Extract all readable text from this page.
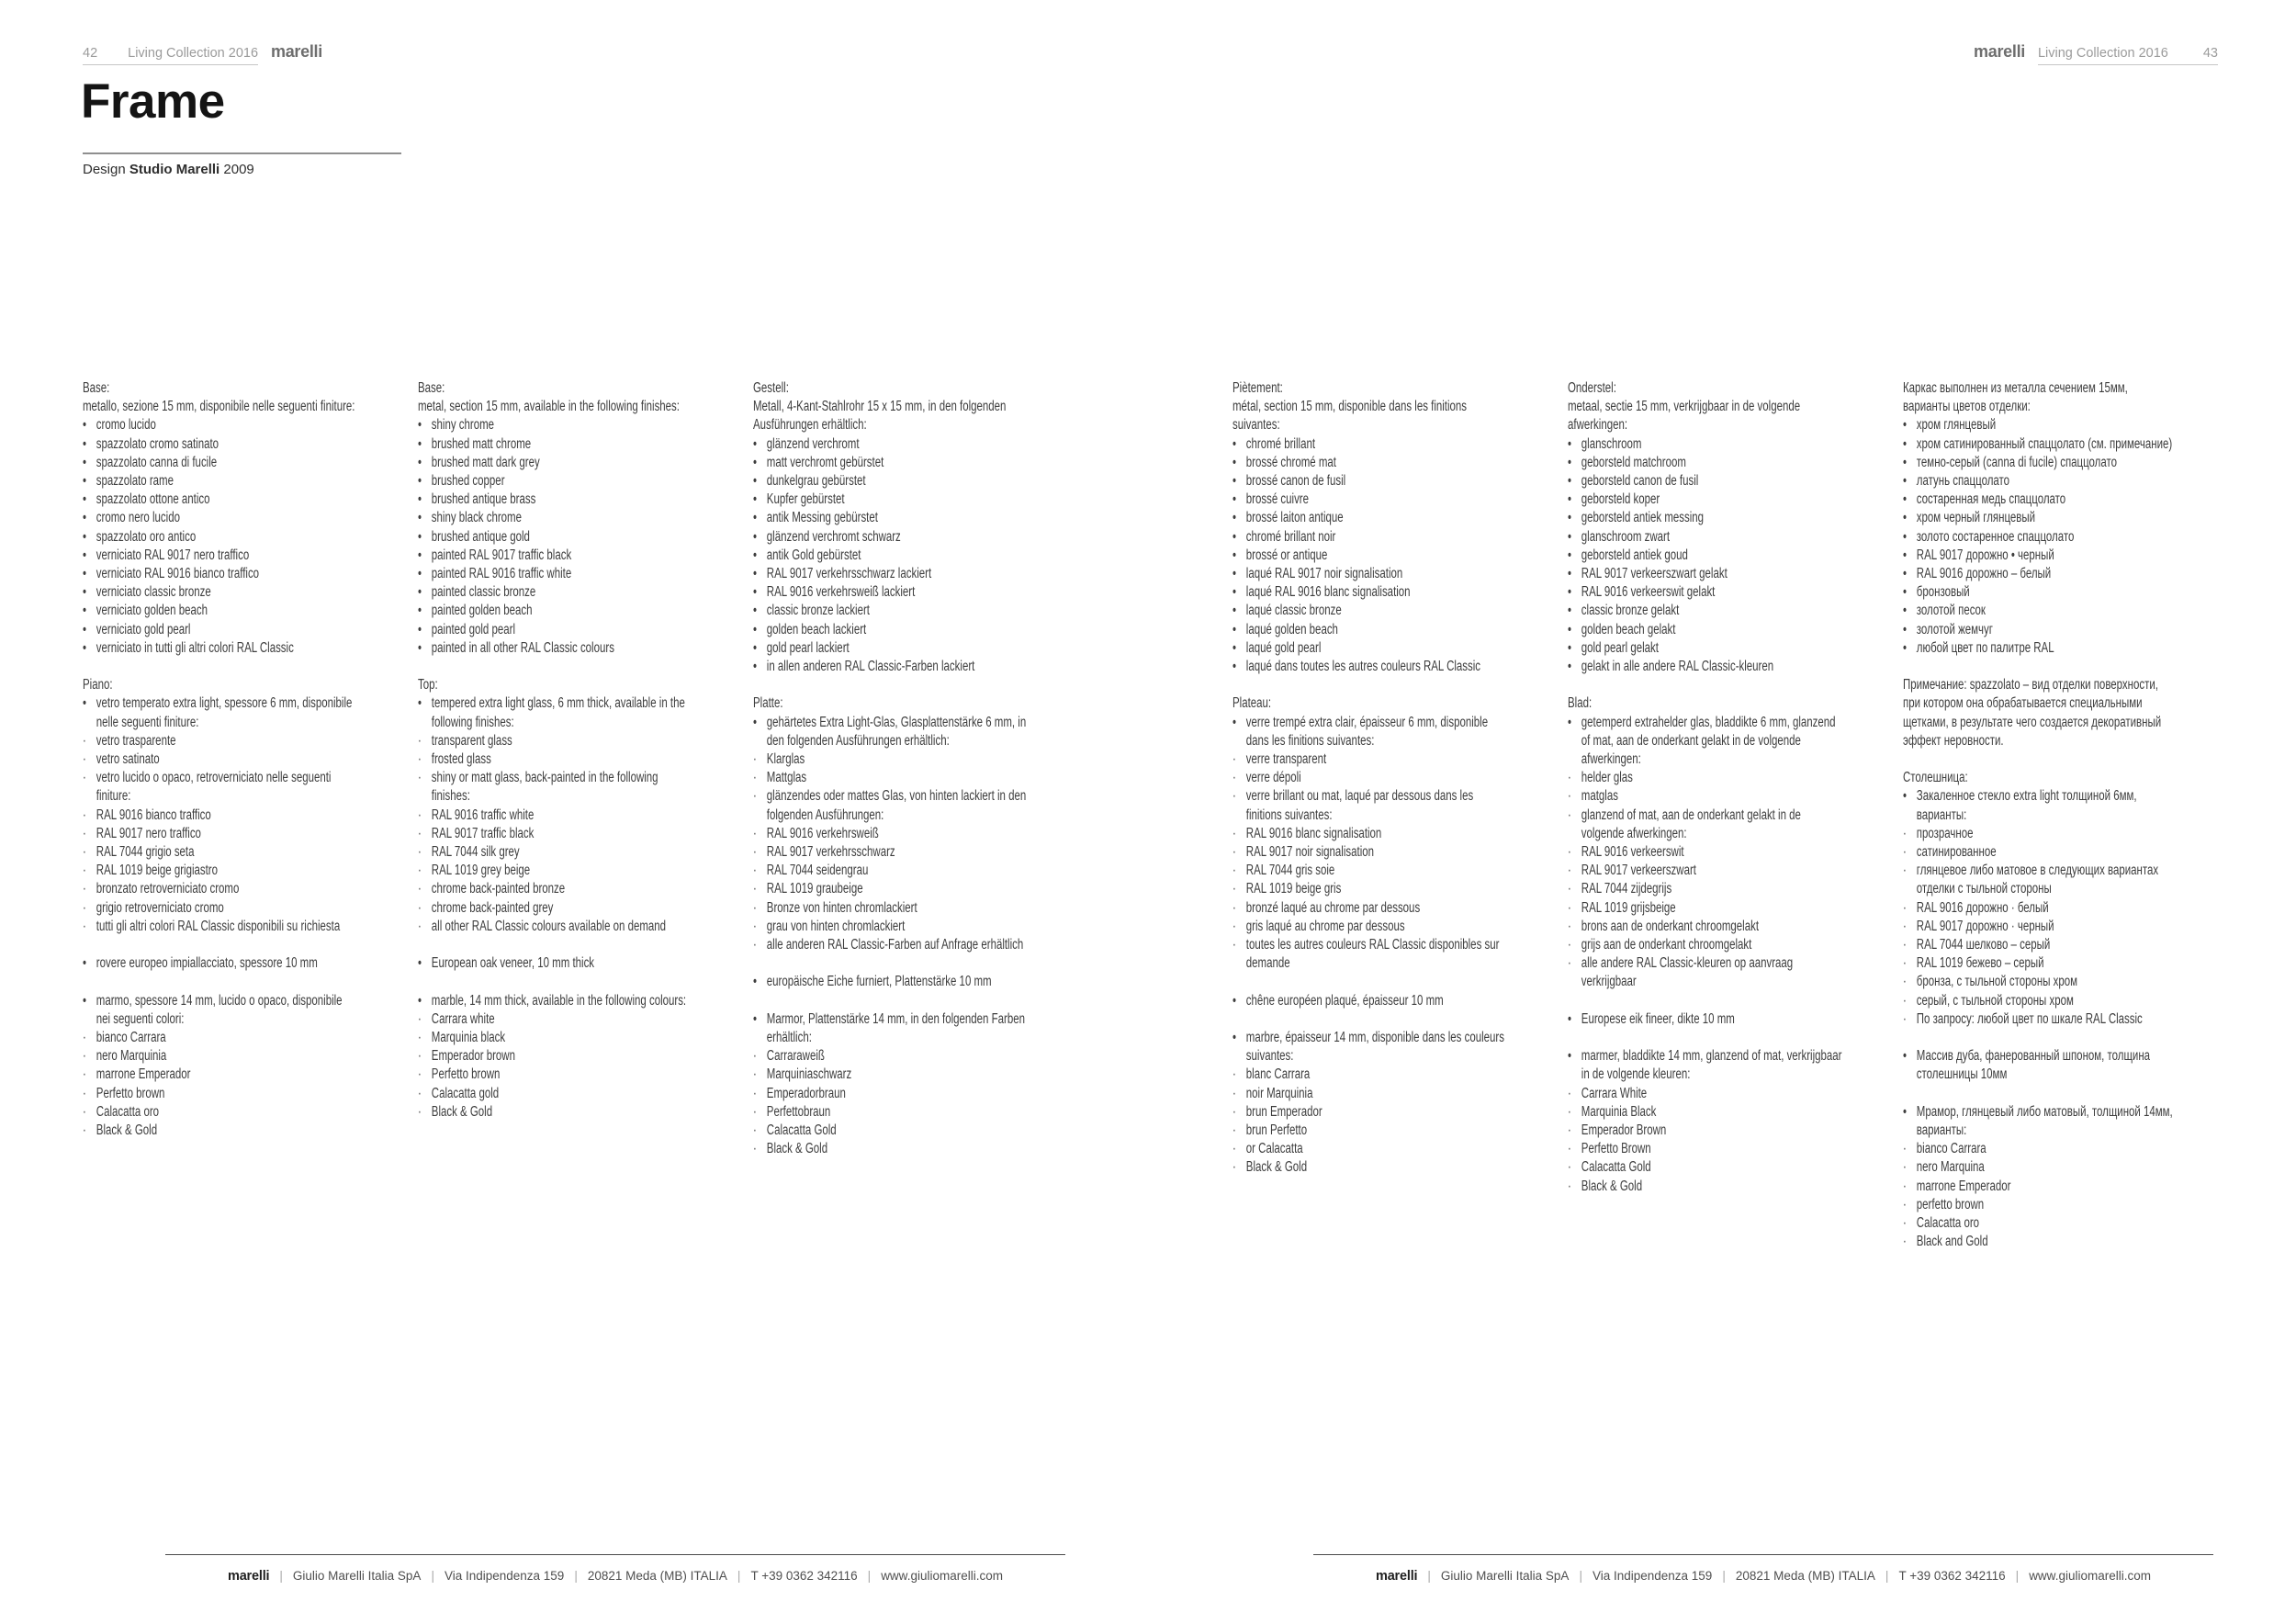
42 Living Collection 2016 marelli	marelli Living Collection 2016	43
Frame
Design Studio Marelli 2009
Base:
metallo, sezione 15 mm, disponibile nelle seguenti finiture:
• cromo lucido
• spazzolato cromo satinato
• spazzolato canna di fucile
• spazzolato rame
• spazzolato ottone antico
• cromo nero lucido
• spazzolato oro antico
• verniciato RAL 9017 nero traffico
• verniciato RAL 9016 bianco traffico
• verniciato classic bronze
• verniciato golden beach
• verniciato gold pearl
• verniciato in tutti gli altri colori RAL Classic
Piano:
• vetro temperato extra light, spessore 6 mm, disponibile
nelle seguenti finiture:
· vetro trasparente
· vetro satinato
· vetro lucido o opaco, retroverniciato nelle seguenti
finiture:
· RAL 9016 bianco traffico
· RAL 9017 nero traffico
· RAL 7044 grigio seta
· RAL 1019 beige grigiastro
· bronzato retroverniciato cromo
· grigio retroverniciato cromo
· tutti gli altri colori RAL Classic disponibili su richiesta
• rovere europeo impiallacciato, spessore 10 mm
• marmo, spessore 14 mm, lucido o opaco, disponibile
nei seguenti colori:
· bianco Carrara
· nero Marquinia
· marrone Emperador
· Perfetto brown
· Calacatta oro
· Black & Gold
Base:
metal, section 15 mm, available in the following finishes:
• shiny chrome
• brushed matt chrome
• brushed matt dark grey
• brushed copper
• brushed antique brass
• shiny black chrome
• brushed antique gold
• painted RAL 9017 traffic black
• painted RAL 9016 traffic white
• painted classic bronze
• painted golden beach
• painted gold pearl
• painted in all other RAL Classic colours
Top:
• tempered extra light glass, 6 mm thick, available in the
following finishes:
· transparent glass
· frosted glass
· shiny or matt glass, back-painted in the following
finishes:
· RAL 9016 traffic white
· RAL 9017 traffic black
· RAL 7044 silk grey
· RAL 1019 grey beige
· chrome back-painted bronze
· chrome back-painted grey
· all other RAL Classic colours available on demand
• European oak veneer, 10 mm thick
• marble, 14 mm thick, available in the following colours:
· Carrara white
· Marquinia black
· Emperador brown
· Perfetto brown
· Calacatta gold
· Black & Gold
Gestell:
Metall, 4-Kant-Stahlrohr 15 x 15 mm, in den folgenden
Ausführungen erhältlich:
• glänzend verchromt
• matt verchromt gebürstet
• dunkelgrau gebürstet
• Kupfer gebürstet
• antik Messing gebürstet
• glänzend verchromt schwarz
• antik Gold gebürstet
• RAL 9017 verkehrsschwarz lackiert
• RAL 9016 verkehrsweiß lackiert
• classic bronze lackiert
• golden beach lackiert
• gold pearl lackiert
• in allen anderen RAL Classic-Farben lackiert
Platte:
• gehärtetes Extra Light-Glas, Glasplattenstärke 6 mm, in
den folgenden Ausführungen erhältlich:
· Klarglas
· Mattglas
· glänzendes oder mattes Glas, von hinten lackiert in den
folgenden Ausführungen:
· RAL 9016 verkehrsweiß
· RAL 9017 verkehrsschwarz
· RAL 7044 seidengrau
· RAL 1019 graubeige
· Bronze von hinten chromlackiert
· grau von hinten chromlackiert
· alle anderen RAL Classic-Farben auf Anfrage erhältlich
• europäische Eiche furniert, Plattenstärke 10 mm
• Marmor, Plattenstärke 14 mm, in den folgenden Farben
erhältlich:
· Carraraweiß
· Marquiniaschwarz
· Emperadorbraun
· Perfettobraun
· Calacatta Gold
· Black & Gold
Piètement:
métal, section 15 mm, disponible dans les finitions
suivantes:
• chromé brillant
• brossé chromé mat
• brossé canon de fusil
• brossé cuivre
• brossé laiton antique
• chromé brillant noir
• brossé or antique
• laqué RAL 9017 noir signalisation
• laqué RAL 9016 blanc signalisation
• laqué classic bronze
• laqué golden beach
• laqué gold pearl
• laqué dans toutes les autres couleurs RAL Classic
Plateau:
• verre trempé extra clair, épaisseur 6 mm, disponible
dans les finitions suivantes:
· verre transparent
· verre dépoli
· verre brillant ou mat, laqué par dessous dans les
finitions suivantes:
· RAL 9016 blanc signalisation
· RAL 9017 noir signalisation
· RAL 7044 gris soie
· RAL 1019 beige gris
· bronzé laqué au chrome par dessous
· gris laqué au chrome par dessous
· toutes les autres couleurs RAL Classic disponibles sur
demande
• chêne européen plaqué, épaisseur 10 mm
• marbre, épaisseur 14 mm, disponible dans les couleurs
suivantes:
· blanc Carrara
· noir Marquinia
· brun Emperador
· brun Perfetto
· or Calacatta
· Black & Gold
Onderstel:
metaal, sectie 15 mm, verkrijgbaar in de volgende
afwerkingen:
• glanschroom
• geborsteld matchroom
• geborsteld canon de fusil
• geborsteld koper
• geborsteld antiek messing
• glanschroom zwart
• geborsteld antiek goud
• RAL 9017 verkeerszwart gelakt
• RAL 9016 verkeerswit gelakt
• classic bronze gelakt
• golden beach gelakt
• gold pearl gelakt
• gelakt in alle andere RAL Classic-kleuren
Blad:
• getemperd extrahelder glas, bladdikte 6 mm, glanzend
of mat, aan de onderkant gelakt in de volgende
afwerkingen:
· helder glas
· matglas
· glanzend of mat, aan de onderkant gelakt in de
volgende afwerkingen:
· RAL 9016 verkeerswit
· RAL 9017 verkeerszwart
· RAL 7044 zijdegrijs
· RAL 1019 grijsbeige
· brons aan de onderkant chroomgelakt
· grijs aan de onderkant chroomgelakt
· alle andere RAL Classic-kleuren op aanvraag
verkrijgbaar
• Europese eik fineer, dikte 10 mm
• marmer, bladdikte 14 mm, glanzend of mat, verkrijgbaar
in de volgende kleuren:
· Carrara White
· Marquinia Black
· Emperador Brown
· Perfetto Brown
· Calacatta Gold
· Black & Gold
Каркас выполнен из металла сечением 15мм,
варианты цветов отделки:
• хром глянцевый
• хром сатинированный спаццолато (см. примечание)
• темно-серый (canna di fucile) спаццолато
• латунь спаццолато
• состаренная медь спаццолато
• хром черный глянцевый
• золото состаренное спаццолато
• RAL 9017 дорожно • черный
• RAL 9016 дорожно – белый
• бронзовый
• золотой песок
• золотой жемчуг
• любой цвет по палитре RAL
Примечание: spazzolato – вид отделки поверхности,
при котором она обрабатывается специальными
щетками, в результате чего создается декоративный
эффект неровности.
Столешница:
• Закаленное стекло extra light толщиной 6мм,
варианты:
· прозрачное
· сатинированное
· глянцевое либо матовое в следующих вариантах
отделки с тыльной стороны
· RAL 9016 дорожно · белый
· RAL 9017 дорожно · черный
· RAL 7044 шелково – серый
· RAL 1019 бежево – серый
· бронза, с тыльной стороны хром
· серый, с тыльной стороны хром
· По запросу: любой цвет по шкале RAL Classic
• Массив дуба, фанерованный шпоном, толщина
столешницы 10мм
• Мрамор, глянцевый либо матовый, толщиной 14мм,
варианты:
· bianco Carrara
· nero Marquina
· marrone Emperador
· perfetto brown
· Calacatta oro
· Black and Gold
marelli | Giulio Marelli Italia SpA | Via Indipendenza 159 | 20821 Meda (MB) ITALIA | T +39 0362 342116 | www.giuliomarelli.com	marelli | Giulio Marelli Italia SpA | Via Indipendenza 159 | 20821 Meda (MB) ITALIA | T +39 0362 342116 | www.giuliomarelli.com
